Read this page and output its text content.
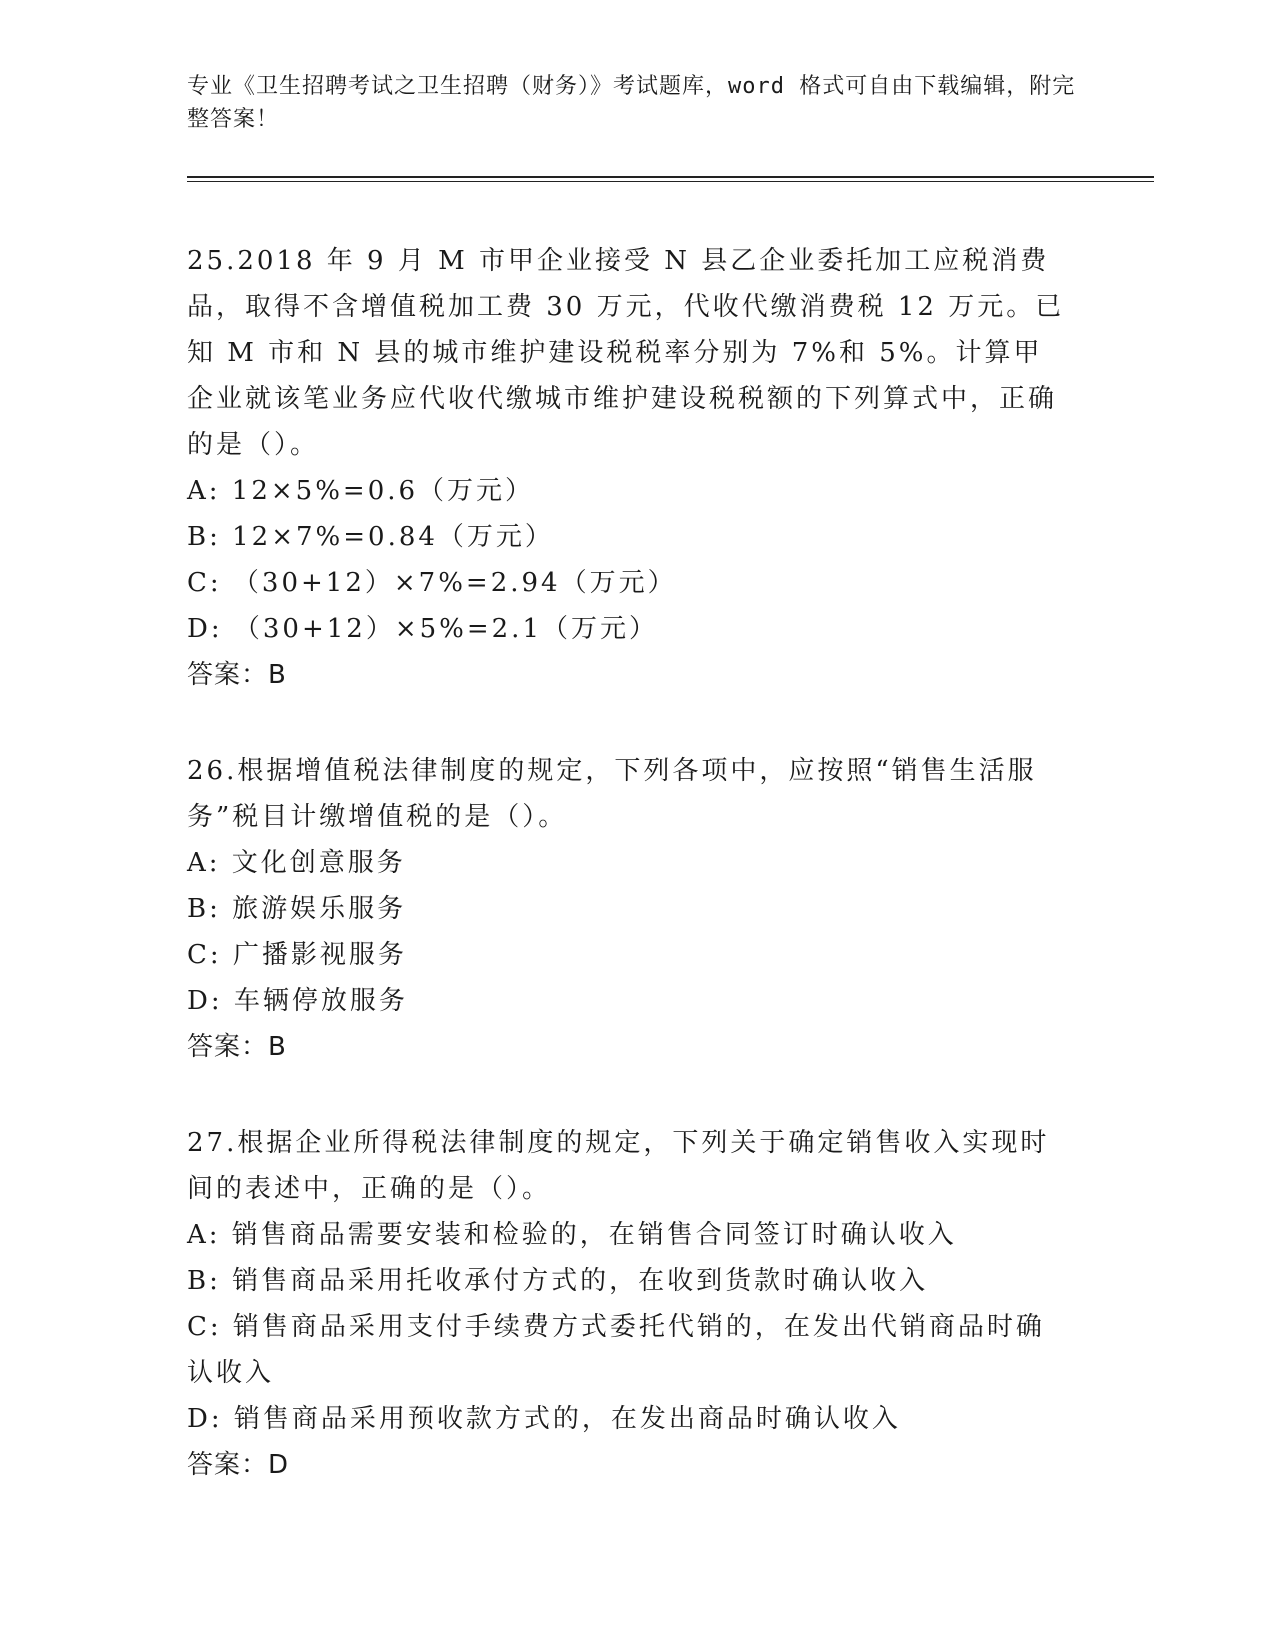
专业《卫生招聘考试之卫生招聘（财务）》考试题库，word 格式可自由下载编辑，附完整答案！

25.2018 年 9 月 M 市甲企业接受 N 县乙企业委托加工应税消费品，取得不含增值税加工费 30 万元，代收代缴消费税 12 万元。已知 M 市和 N 县的城市维护建设税税率分别为 7%和 5%。计算甲企业就该笔业务应代收代缴城市维护建设税税额的下列算式中，正确的是（）。

A: 12×5%=0.6（万元）

B: 12×7%=0.84（万元）

C: （30+12）×7%=2.94（万元）

D: （30+12）×5%=2.1（万元）

答案：B

26.根据增值税法律制度的规定，下列各项中，应按照“销售生活服务”税目计缴增值税的是（）。

A: 文化创意服务

B: 旅游娱乐服务

C: 广播影视服务

D: 车辆停放服务

答案：B

27.根据企业所得税法律制度的规定，下列关于确定销售收入实现时间的表述中，正确的是（）。

A: 销售商品需要安装和检验的，在销售合同签订时确认收入

B: 销售商品采用托收承付方式的，在收到货款时确认收入

C: 销售商品采用支付手续费方式委托代销的，在发出代销商品时确认收入

D: 销售商品采用预收款方式的，在发出商品时确认收入

答案：D
